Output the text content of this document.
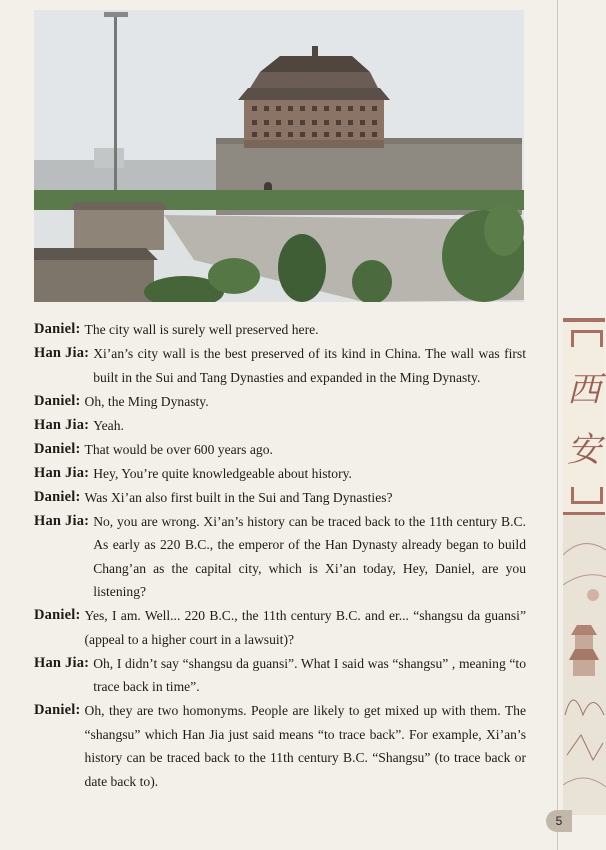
Daniel: The city wall is surely well preserved here.
Han Jia: Xi’an’s city wall is the best preserved of its kind in China. The wall was first built in the Sui and Tang Dynasties and expanded in the Ming Dynasty.
Daniel: Oh, the Ming Dynasty.
Han Jia: Yeah.
Daniel: That would be over 600 years ago.
Han Jia: Hey, You’re quite knowledgeable about history.
Daniel: Was Xi’an also first built in the Sui and Tang Dynasties?
Han Jia: No, you are wrong. Xi’an’s history can be traced back to the 11th century B.C. As early as 220 B.C., the emperor of the Han Dynasty already began to build Chang’an as the capital city, which is Xi’an today, Hey, Daniel, are you listening?
Daniel: Yes, I am. Well... 220 B.C., the 11th century B.C. and er... “shangsu da guansi” (appeal to a higher court in a lawsuit)?
Han Jia: Oh, I didn’t say “shangsu da guansi”. What I said was “shangsu” , meaning “to trace back in time”.
Daniel: Oh, they are two homonyms. People are likely to get mixed up with them. The “shangsu” which Han Jia just said means “to trace back”. For example, Xi’an’s history can be traced back to the 11th century B.C. “Shangsu” (to trace back or date back to).
西
安
5
